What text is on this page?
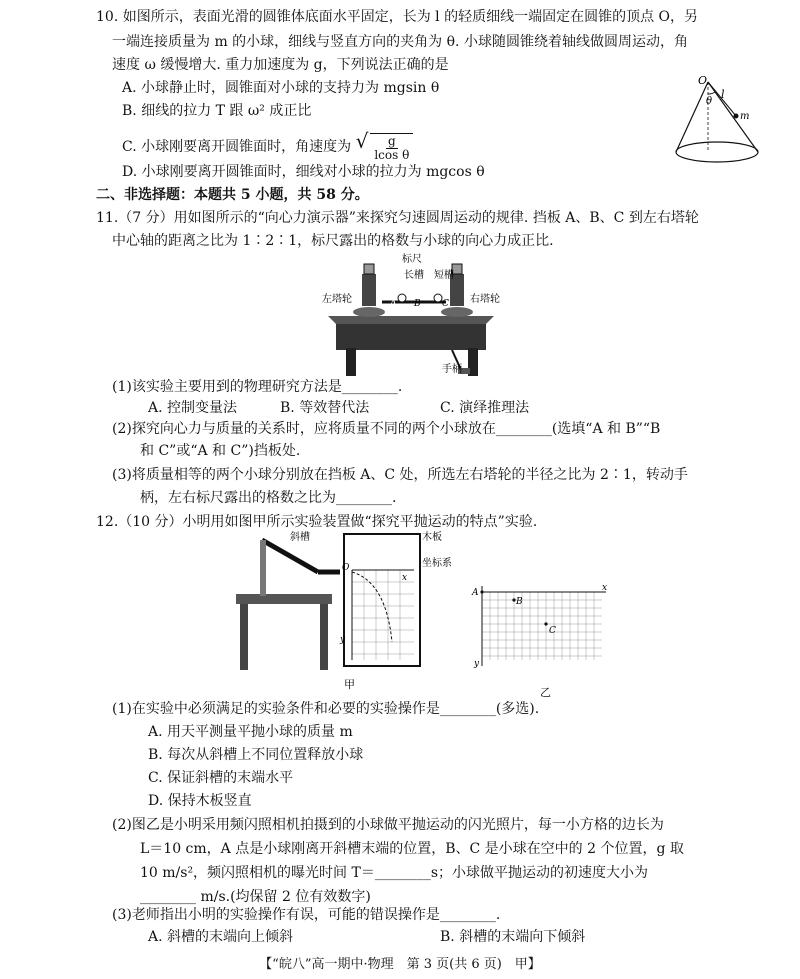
10. 如图所示，表面光滑的圆锥体底面水平固定，长为 l 的轻质细线一端固定在圆锥的顶点 O，另
一端连接质量为 m 的小球，细线与竖直方向的夹角为 θ. 小球随圆锥绕着轴线做圆周运动，角
速度 ω 缓慢增大. 重力加速度为 g，下列说法正确的是
A. 小球静止时，圆锥面对小球的支持力为 mgsin θ
B. 细线的拉力 T 跟 ω² 成正比
C. 小球刚要离开圆锥面时，角速度为 √ $\frac{g}{\text{lcos θ}}$
D. 小球刚要离开圆锥面时，细线对小球的拉力为 mgcos θ
O
θ
l
m
二、非选择题：本题共 5 小题，共 58 分。
11.（7 分）用如图所示的“向心力演示器”来探究匀速圆周运动的规律. 挡板 A、B、C 到左右塔轮
中心轴的距离之比为 1∶2∶1，标尺露出的格数与小球的向心力成正比.
标尺
长槽 短槽
左塔轮	右塔轮
手柄
A B C
(1)该实验主要用到的物理研究方法是________.
A. 控制变量法	B. 等效替代法	C. 演绎推理法
(2)探究向心力与质量的关系时，应将质量不同的两个小球放在________(选填“A 和 B”“B
和 C”或“A 和 C”)挡板处.
(3)将质量相等的两个小球分别放在挡板 A、C 处，所选左右塔轮的半径之比为 2∶1，转动手
柄，左右标尺露出的格数之比为________.
12.（10 分）小明用如图甲所示实验装置做“探究平抛运动的特点”实验.
斜槽	木板
坐标系
O
x
y
甲
A
B
C
x
y
乙
(1)在实验中必须满足的实验条件和必要的实验操作是________(多选).
A. 用天平测量平抛小球的质量 m
B. 每次从斜槽上不同位置释放小球
C. 保证斜槽的末端水平
D. 保持木板竖直
(2)图乙是小明采用频闪照相机拍摄到的小球做平抛运动的闪光照片，每一小方格的边长为
L＝10 cm，A 点是小球刚离开斜槽末端的位置，B、C 是小球在空中的 2 个位置，g 取
10 m/s²，频闪照相机的曝光时间 T＝________s；小球做平抛运动的初速度大小为
________ m/s.(均保留 2 位有效数字)
(3)老师指出小明的实验操作有误，可能的错误操作是________.
A. 斜槽的末端向上倾斜	B. 斜槽的末端向下倾斜
【“皖八”高一期中·物理　第 3 页(共 6 页)　甲】
